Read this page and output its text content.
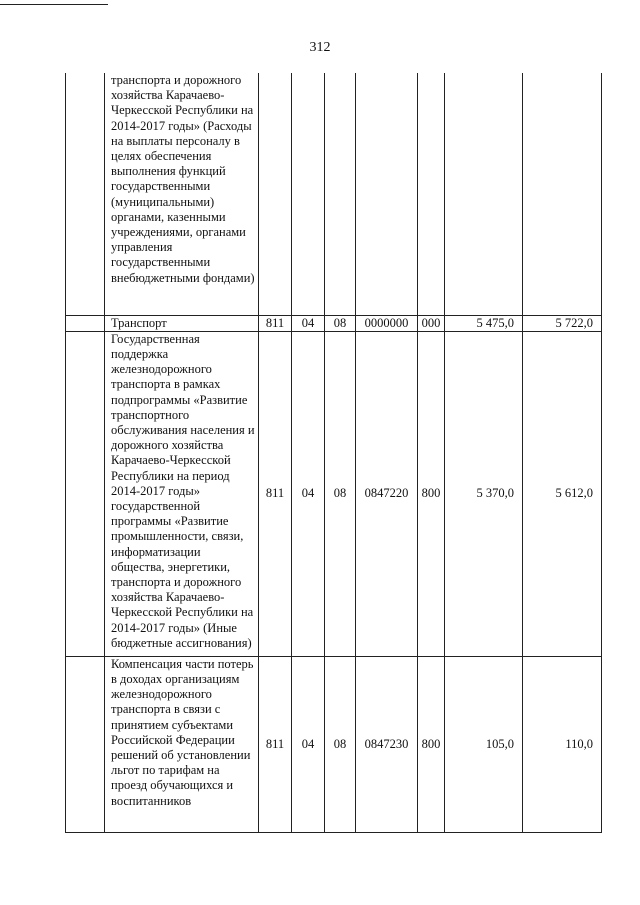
312
	транспорта и дорожного хозяйства Карачаево-Черкесской Республики на 2014-2017 годы» (Расходы на выплаты персоналу в целях обеспечения выполнения функций государственными (муниципальными) органами, казенными учреждениями, органами управления государственными внебюджетными фондами)							
	Транспорт	811	04	08	0000000	000	5 475,0	5 722,0
	Государственная поддержка железнодорожного транспорта в рамках подпрограммы «Развитие транспортного обслуживания населения и дорожного хозяйства Карачаево-Черкесской Республики на период 2014-2017 годы» государственной программы «Развитие промышленности, связи, информатизации общества, энергетики, транспорта и дорожного хозяйства Карачаево-Черкесской Республики на 2014-2017 годы» (Иные бюджетные ассигнования)	811	04	08	0847220	800	5 370,0	5 612,0
	Компенсация части потерь в доходах организациям железнодорожного транспорта в связи с принятием субъектами Российской Федерации решений об установлении льгот по тарифам на проезд обучающихся и воспитанников	811	04	08	0847230	800	105,0	110,0
